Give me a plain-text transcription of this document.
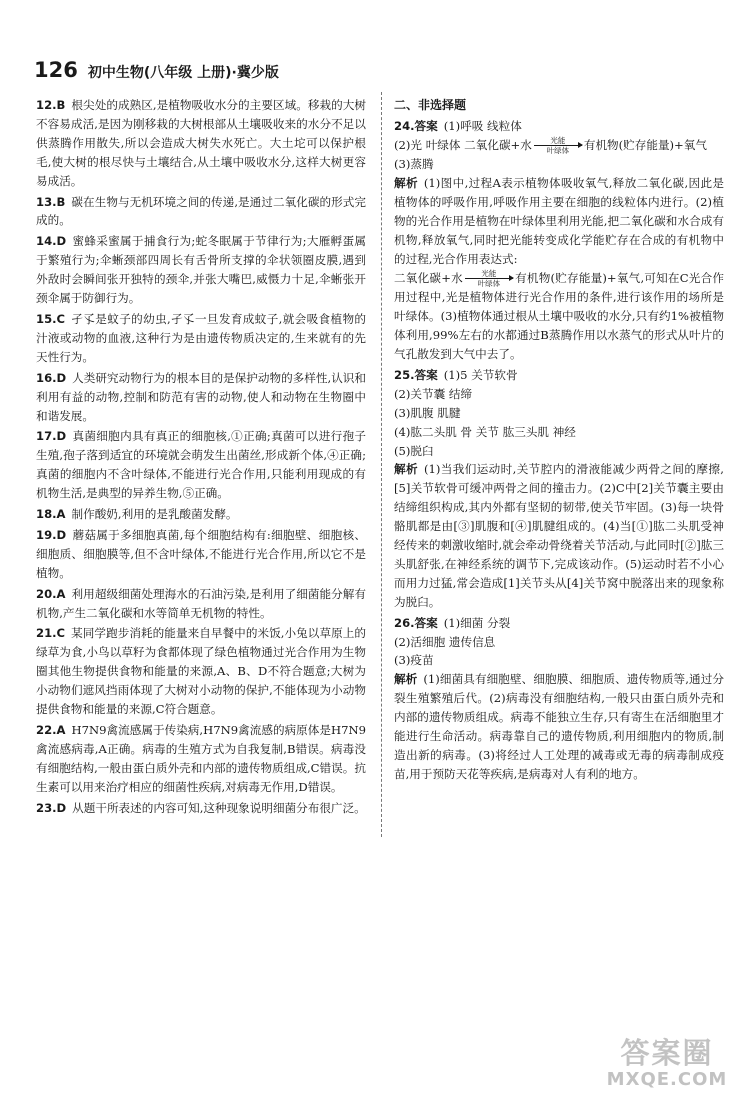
126 初中生物(八年级 上册)·冀少版
12.B 根尖处的成熟区,是植物吸收水分的主要区域。移栽的大树不容易成活,是因为刚移栽的大树根部从土壤吸收来的水分不足以供蒸腾作用散失,所以会造成大树失水死亡。大土坨可以保护根毛,使大树的根尽快与土壤结合,从土壤中吸收水分,这样大树更容易成活。
13.B 碳在生物与无机环境之间的传递,是通过二氧化碳的形式完成的。
14.D 蜜蜂采蜜属于捕食行为;蛇冬眠属于节律行为;大雁孵蛋属于繁殖行为;伞蜥颈部四周长有舌骨所支撑的伞状领圈皮膜,遇到外敌时会瞬间张开独特的颈伞,并张大嘴巴,威慑力十足,伞蜥张开颈伞属于防御行为。
15.C 孑孓是蚊子的幼虫,孑孓一旦发育成蚊子,就会吸食植物的汁液或动物的血液,这种行为是由遗传物质决定的,生来就有的先天性行为。
16.D 人类研究动物行为的根本目的是保护动物的多样性,认识和利用有益的动物,控制和防范有害的动物,使人和动物在生物圈中和谐发展。
17.D 真菌细胞内具有真正的细胞核,①正确;真菌可以进行孢子生殖,孢子落到适宜的环境就会萌发生出菌丝,形成新个体,④正确;真菌的细胞内不含叶绿体,不能进行光合作用,只能利用现成的有机物生活,是典型的异养生物,⑤正确。
18.A 制作酸奶,利用的是乳酸菌发酵。
19.D 蘑菇属于多细胞真菌,每个细胞结构有:细胞壁、细胞核、细胞质、细胞膜等,但不含叶绿体,不能进行光合作用,所以它不是植物。
20.A 利用超级细菌处理海水的石油污染,是利用了细菌能分解有机物,产生二氧化碳和水等简单无机物的特性。
21.C 某同学跑步消耗的能量来自早餐中的米饭,小兔以草原上的绿草为食,小鸟以草籽为食都体现了绿色植物通过光合作用为生物圈其他生物提供食物和能量的来源,A、B、D不符合题意;大树为小动物们遮风挡雨体现了大树对小动物的保护,不能体现为小动物提供食物和能量的来源,C符合题意。
22.A H7N9禽流感属于传染病,H7N9禽流感的病原体是H7N9禽流感病毒,A正确。病毒的生殖方式为自我复制,B错误。病毒没有细胞结构,一般由蛋白质外壳和内部的遗传物质组成,C错误。抗生素可以用来治疗相应的细菌性疾病,对病毒无作用,D错误。
23.D 从题干所表述的内容可知,这种现象说明细菌分布很广泛。
二、非选择题
24.答案 (1)呼吸 线粒体
(2)光 叶绿体 二氧化碳+水 光能
叶绿体 有机物(贮存能量)+氧气
(3)蒸腾
解析 (1)图中,过程A表示植物体吸收氧气,释放二氧化碳,因此是植物体的呼吸作用,呼吸作用主要在细胞的线粒体内进行。(2)植物的光合作用是植物在叶绿体里利用光能,把二氧化碳和水合成有机物,释放氧气,同时把光能转变成化学能贮存在合成的有机物中的过程,光合作用表达式:
二氧化碳+水 光能
叶绿体 有机物(贮存能量)+氧气,可知在C光合作用过程中,光是植物体进行光合作用的条件,进行该作用的场所是叶绿体。(3)植物体通过根从土壤中吸收的水分,只有约1%被植物体利用,99%左右的水都通过B蒸腾作用以水蒸气的形式从叶片的气孔散发到大气中去了。
25.答案 (1)5 关节软骨
(2)关节囊 结缔
(3)肌腹 肌腱
(4)肱二头肌 骨 关节 肱三头肌 神经
(5)脱臼
解析 (1)当我们运动时,关节腔内的滑液能减少两骨之间的摩擦,[5]关节软骨可缓冲两骨之间的撞击力。(2)C中[2]关节囊主要由结缔组织构成,其内外都有坚韧的韧带,使关节牢固。(3)每一块骨骼肌都是由[③]肌腹和[④]肌腱组成的。(4)当[①]肱二头肌受神经传来的刺激收缩时,就会牵动骨绕着关节活动,与此同时[②]肱三头肌舒张,在神经系统的调节下,完成该动作。(5)运动时若不小心而用力过猛,常会造成[1]关节头从[4]关节窝中脱落出来的现象称为脱臼。
26.答案 (1)细菌 分裂
(2)活细胞 遗传信息
(3)疫苗
解析 (1)细菌具有细胞壁、细胞膜、细胞质、遗传物质等,通过分裂生殖繁殖后代。(2)病毒没有细胞结构,一般只由蛋白质外壳和内部的遗传物质组成。病毒不能独立生存,只有寄生在活细胞里才能进行生命活动。病毒靠自己的遗传物质,利用细胞内的物质,制造出新的病毒。(3)将经过人工处理的减毒或无毒的病毒制成疫苗,用于预防天花等疾病,是病毒对人有利的地方。
答案圈
MXQE.COM
